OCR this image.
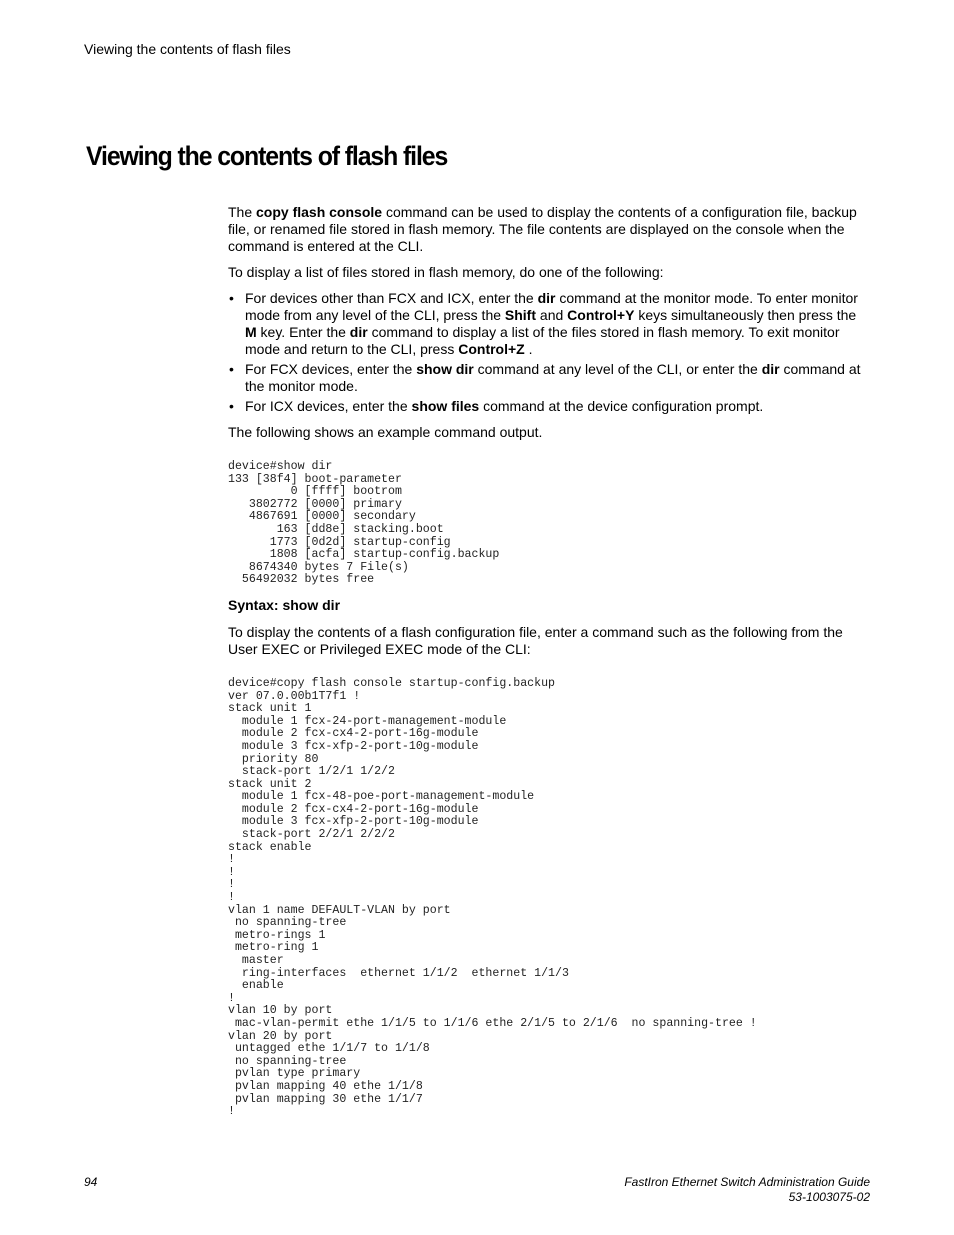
Viewing the contents of flash files
Viewing the contents of flash files

The copy flash console command can be used to display the contents of a configuration file, backup file, or renamed file stored in flash memory. The file contents are displayed on the console when the command is entered at the CLI.

To display a list of files stored in flash memory, do one of the following:

• For devices other than FCX and ICX, enter the dir command at the monitor mode. To enter monitor mode from any level of the CLI, press the Shift and Control+Y keys simultaneously then press the M key. Enter the dir command to display a list of the files stored in flash memory. To exit monitor mode and return to the CLI, press Control+Z .
• For FCX devices, enter the show dir command at any level of the CLI, or enter the dir command at the monitor mode.
• For ICX devices, enter the show files command at the device configuration prompt.

The following shows an example command output.

device#show dir
133 [38f4] boot-parameter
0 [ffff] bootrom
3802772 [0000] primary
4867691 [0000] secondary
163 [dd8e] stacking.boot
1773 [0d2d] startup-config
1808 [acfa] startup-config.backup
8674340 bytes 7 File(s)
56492032 bytes free

Syntax: show dir

To display the contents of a flash configuration file, enter a command such as the following from the User EXEC or Privileged EXEC mode of the CLI:

device#copy flash console startup-config.backup
ver 07.0.00b1T7f1 !
stack unit 1
module 1 fcx-24-port-management-module
module 2 fcx-cx4-2-port-16g-module
module 3 fcx-xfp-2-port-10g-module
priority 80
stack-port 1/2/1 1/2/2
stack unit 2
module 1 fcx-48-poe-port-management-module
module 2 fcx-cx4-2-port-16g-module
module 3 fcx-xfp-2-port-10g-module
stack-port 2/2/1 2/2/2
stack enable
!
!
!
!
vlan 1 name DEFAULT-VLAN by port
no spanning-tree
metro-rings 1
metro-ring 1
master
ring-interfaces  ethernet 1/1/2  ethernet 1/1/3
enable
!
vlan 10 by port
mac-vlan-permit ethe 1/1/5 to 1/1/6 ethe 2/1/5 to 2/1/6  no spanning-tree !
vlan 20 by port
untagged ethe 1/1/7 to 1/1/8
no spanning-tree
pvlan type primary
pvlan mapping 40 ethe 1/1/8
pvlan mapping 30 ethe 1/1/7
!
94	FastIron Ethernet Switch Administration Guide
53-1003075-02
